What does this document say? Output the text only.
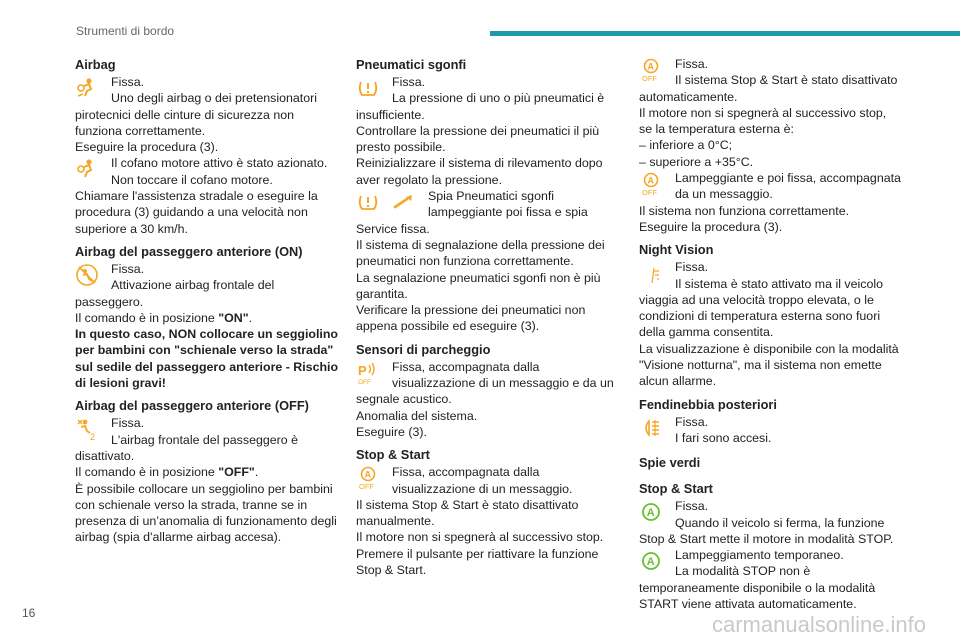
Strumenti di bordo
Airbag

Fissa.

Uno degli airbag o dei pretensionatori

pirotecnici delle cinture di sicurezza non funziona correttamente.

Eseguire la procedura (3).

Il cofano motore attivo è stato azionato.

Non toccare il cofano motore.

Chiamare l'assistenza stradale o eseguire la procedura (3) guidando a una velocità non superiore a 30 km/h.

Airbag del passeggero anteriore (ON)

Fissa.

Attivazione airbag frontale del

passeggero.

Il comando è in posizione "ON".

In questo caso, NON collocare un seggiolino per bambini con "schienale verso la strada" sul sedile del passeggero anteriore - Rischio di lesioni gravi!

Airbag del passeggero anteriore (OFF)
2

Fissa.

L'airbag frontale del passeggero è

disattivato.

Il comando è in posizione "OFF".

È possibile collocare un seggiolino per bambini con schienale verso la strada, tranne se in presenza di un’anomalia di funzionamento degli airbag (spia d'allarme airbag accesa).

Pneumatici sgonfi

Fissa.

La pressione di uno o più pneumatici è

insufficiente.

Controllare la pressione dei pneumatici il più presto possibile.

Reinizializzare il sistema di rilevamento dopo aver regolato la pressione.

Spia Pneumatici sgonfi

lampeggiante poi fissa e spia

Service fissa.

Il sistema di segnalazione della pressione dei pneumatici non funziona correttamente.

La segnalazione pneumatici sgonfi non è più garantita.

Verificare la pressione dei pneumatici non appena possibile ed eseguire (3).

Sensori di parcheggio
P
OFF

Fissa, accompagnata dalla

visualizzazione di un messaggio e da un

segnale acustico.

Anomalia del sistema.

Eseguire (3).

Stop & Start
A
OFF

Fissa, accompagnata dalla

visualizzazione di un messaggio.

Il sistema Stop & Start è stato disattivato manualmente.

Il motore non si spegnerà al successivo stop.

Premere il pulsante per riattivare la funzione Stop & Start.

A
OFF

Fissa.

Il sistema Stop & Start è stato disattivato

automaticamente.

Il motore non si spegnerà al successivo stop, se la temperatura esterna è:

– inferiore a 0°C;

– superiore a +35°C.

A
OFF

Lampeggiante e poi fissa, accompagnata

da un messaggio.

Il sistema non funziona correttamente.

Eseguire la procedura (3).

Night Vision

Fissa.

Il sistema è stato attivato ma il veicolo

viaggia ad una velocità troppo elevata, o le condizioni di temperatura esterna sono fuori della gamma consentita.

La visualizzazione è disponibile con la modalità "Visione notturna", ma il sistema non emette alcun allarme.

Fendinebbia posteriori

Fissa.

I fari sono accesi.

Spie verdi
Stop & Start
A Fissa.

Quando il veicolo si ferma, la funzione

Stop & Start mette il motore in modalità STOP.

A Lampeggiamento temporaneo.

La modalità STOP non è

temporaneamente disponibile o la modalità START viene attivata automaticamente.

16	carmanualsonline.info
